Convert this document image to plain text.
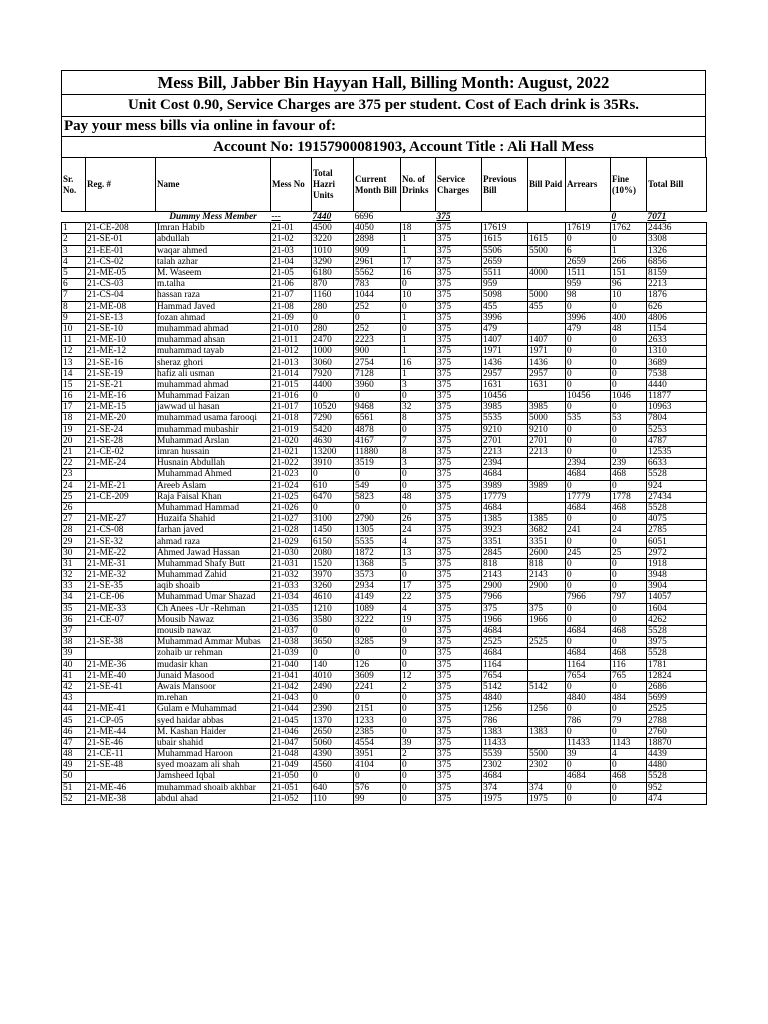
Mess Bill, Jabber Bin Hayyan Hall, Billing Month: August, 2022
Unit Cost 0.90, Service Charges are 375 per student. Cost of Each drink is 35Rs.
Pay your mess bills via online in favour of:
Account No: 19157900081903, Account Title : Ali Hall Mess
Sr. No.	Reg. #	Name	Mess No	Total Hazri Units	Current Month Bill	No. of Drinks	Service Charges	Previous Bill	Bill Paid	Arrears	Fine (10%)	Total Bill
		Dummy Mess Member	---	7440	6696		375				0	7071
1	21-CE-208	Imran Habib	21-01	4500	4050	18	375	17619		17619	1762	24436
2	21-SE-01	abdullah	21-02	3220	2898	1	375	1615	1615	0	0	3308
3	21-EE-01	waqar ahmed	21-03	1010	909	1	375	5506	5500	6	1	1326
4	21-CS-02	talah azhar	21-04	3290	2961	17	375	2659		2659	266	6856
5	21-ME-05	M. Waseem	21-05	6180	5562	16	375	5511	4000	1511	151	8159
6	21-CS-03	m.talha	21-06	870	783	0	375	959		959	96	2213
7	21-CS-04	hassan raza	21-07	1160	1044	10	375	5098	5000	98	10	1876
8	21-ME-08	Hammad Javed	21-08	280	252	0	375	455	455	0	0	626
9	21-SE-13	fozan ahmad	21-09	0	0	1	375	3996		3996	400	4806
10	21-SE-10	muhammad ahmad	21-010	280	252	0	375	479		479	48	1154
11	21-ME-10	muhammad ahsan	21-011	2470	2223	1	375	1407	1407	0	0	2633
12	21-ME-12	muhammad tayab	21-012	1000	900	1	375	1971	1971	0	0	1310
13	21-SE-16	sheraz ghori	21-013	3060	2754	16	375	1436	1436	0	0	3689
14	21-SE-19	hafiz ali usman	21-014	7920	7128	1	375	2957	2957	0	0	7538
15	21-SE-21	muhammad ahmad	21-015	4400	3960	3	375	1631	1631	0	0	4440
16	21-ME-16	Muhammad Faizan	21-016	0	0	0	375	10456		10456	1046	11877
17	21-ME-15	jawwad ul hasan	21-017	10520	9468	32	375	3985	3985	0	0	10963
18	21-ME-20	muhammad usama farooqi	21-018	7290	6561	8	375	5535	5000	535	53	7804
19	21-SE-24	muhammad mubashir	21-019	5420	4878	0	375	9210	9210	0	0	5253
20	21-SE-28	Muhammad Arslan	21-020	4630	4167	7	375	2701	2701	0	0	4787
21	21-CE-02	imran hussain	21-021	13200	11880	8	375	2213	2213	0	0	12535
22	21-ME-24	Husnain Abdullah	21-022	3910	3519	3	375	2394		2394	239	6633
23		Muhammad Ahmed	21-023	0	0	0	375	4684		4684	468	5528
24	21-ME-21	Areeb Aslam	21-024	610	549	0	375	3989	3989	0	0	924
25	21-CE-209	Raja Faisal Khan	21-025	6470	5823	48	375	17779		17779	1778	27434
26		Muhammad Hammad	21-026	0	0	0	375	4684		4684	468	5528
27	21-ME-27	Huzaifa Shahid	21-027	3100	2790	26	375	1385	1385	0	0	4075
28	21-CS-08	farhan javed	21-028	1450	1305	24	375	3923	3682	241	24	2785
29	21-SE-32	ahmad raza	21-029	6150	5535	4	375	3351	3351	0	0	6051
30	21-ME-22	Ahmed Jawad Hassan	21-030	2080	1872	13	375	2845	2600	245	25	2972
31	21-ME-31	Muhammad Shafy Butt	21-031	1520	1368	5	375	818	818	0	0	1918
32	21-ME-32	Muhammad Zahid	21-032	3970	3573	0	375	2143	2143	0	0	3948
33	21-SE-35	aqib shoaib	21-033	3260	2934	17	375	2900	2900	0	0	3904
34	21-CE-06	Muhammad Umar Shazad	21-034	4610	4149	22	375	7966		7966	797	14057
35	21-ME-33	Ch Anees -Ur -Rehman	21-035	1210	1089	4	375	375	375	0	0	1604
36	21-CE-07	Mousib Nawaz	21-036	3580	3222	19	375	1966	1966	0	0	4262
37		mousib nawaz	21-037	0	0	0	375	4684		4684	468	5528
38	21-SE-38	Muhammad Ammar Mubas	21-038	3650	3285	9	375	2525	2525	0	0	3975
39		zohaib ur rehman	21-039	0	0	0	375	4684		4684	468	5528
40	21-ME-36	mudasir khan	21-040	140	126	0	375	1164		1164	116	1781
41	21-ME-40	Junaid Masood	21-041	4010	3609	12	375	7654		7654	765	12824
42	21-SE-41	Awais Mansoor	21-042	2490	2241	2	375	5142	5142	0	0	2686
43		m.rehan	21-043	0	0	0	375	4840		4840	484	5699
44	21-ME-41	Gulam e Muhammad	21-044	2390	2151	0	375	1256	1256	0	0	2525
45	21-CP-05	syed haidar abbas	21-045	1370	1233	0	375	786		786	79	2788
46	21-ME-44	M. Kashan Haider	21-046	2650	2385	0	375	1383	1383	0	0	2760
47	21-SE-46	ubair shahid	21-047	5060	4554	39	375	11433		11433	1143	18870
48	21-CE-11	Muhammad Haroon	21-048	4390	3951	2	375	5539	5500	39	4	4439
49	21-SE-48	syed moazam ali shah	21-049	4560	4104	0	375	2302	2302	0	0	4480
50		Jamsheed Iqbal	21-050	0	0	0	375	4684		4684	468	5528
51	21-ME-46	muhammad shoaib akhbar	21-051	640	576	0	375	374	374	0	0	952
52	21-ME-38	abdul ahad	21-052	110	99	0	375	1975	1975	0	0	474
